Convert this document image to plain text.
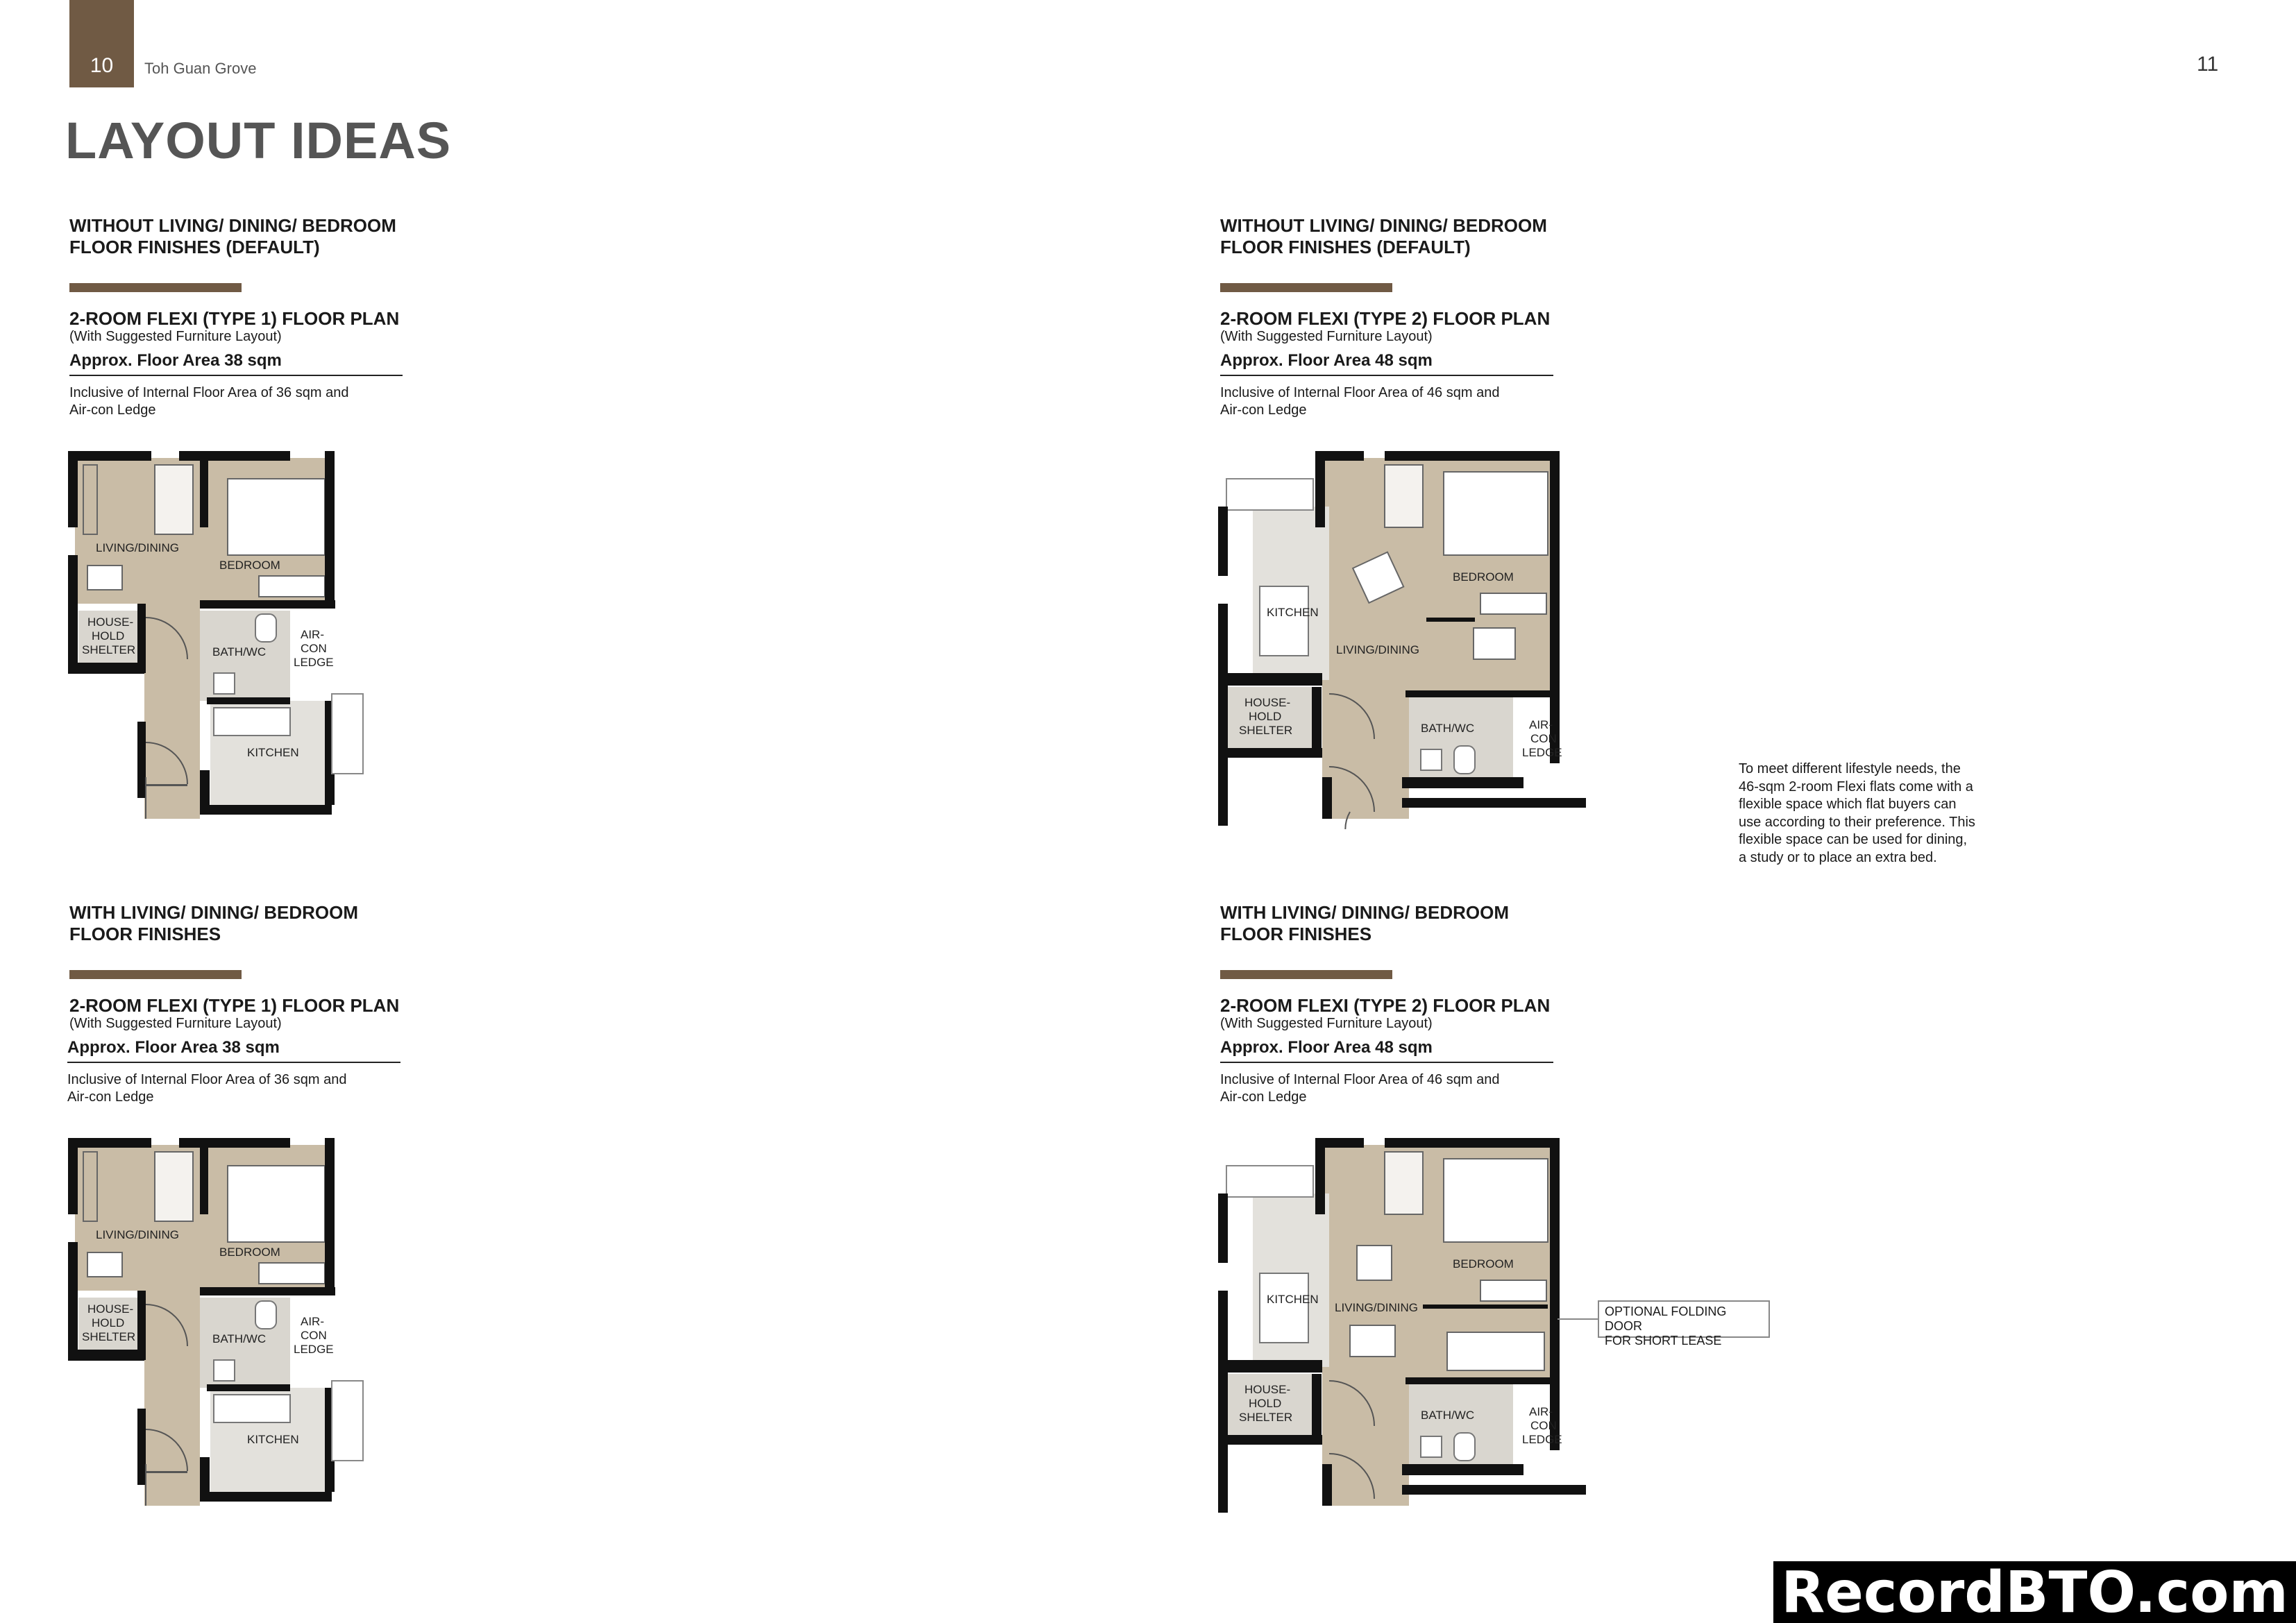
10	Toh Guan Grove	11
LAYOUT IDEAS
WITHOUT LIVING/ DINING/ BEDROOM
FLOOR FINISHES (DEFAULT)
2-ROOM FLEXI (TYPE 1) FLOOR PLAN
(With Suggested Furniture Layout)
Approx. Floor Area 38 sqm
Inclusive of Internal Floor Area of 36 sqm and
Air-con Ledge
WITHOUT LIVING/ DINING/ BEDROOM
FLOOR FINISHES (DEFAULT)
2-ROOM FLEXI (TYPE 2) FLOOR PLAN
(With Suggested Furniture Layout)
Approx. Floor Area 48 sqm
Inclusive of Internal Floor Area of 46 sqm and
Air-con Ledge
WITH LIVING/ DINING/ BEDROOM
FLOOR FINISHES
2-ROOM FLEXI (TYPE 1) FLOOR PLAN
(With Suggested Furniture Layout)
Approx. Floor Area 38 sqm
Inclusive of Internal Floor Area of 36 sqm and
Air-con Ledge
WITH LIVING/ DINING/ BEDROOM
FLOOR FINISHES
2-ROOM FLEXI (TYPE 2) FLOOR PLAN
(With Suggested Furniture Layout)
Approx. Floor Area 48 sqm
Inclusive of Internal Floor Area of 46 sqm and
Air-con Ledge
LIVING/DINING
BEDROOM
HOUSE-
HOLD
SHELTER	BATH/WC
AIR-
CON
LEDGE
KITCHEN
LIVING/DINING
BEDROOM
HOUSE-
HOLD
SHELTER	BATH/WC
AIR-
CON
LEDGE
KITCHEN
KITCHEN
BEDROOM
LIVING/DINING
HOUSE-
HOLD
SHELTER	BATH/WC	AIR-
CON
LEDGE
KITCHEN
BEDROOM
LIVING/DINING
HOUSE-
HOLD
SHELTER	BATH/WC	AIR-
CON
LEDGE
To meet different lifestyle needs, the
46-sqm 2-room Flexi flats come with a
flexible space which flat buyers can
use according to their preference. This
flexible space can be used for dining,
a study or to place an extra bed.
OPTIONAL FOLDING DOOR
FOR SHORT LEASE
RecordBTO.com
